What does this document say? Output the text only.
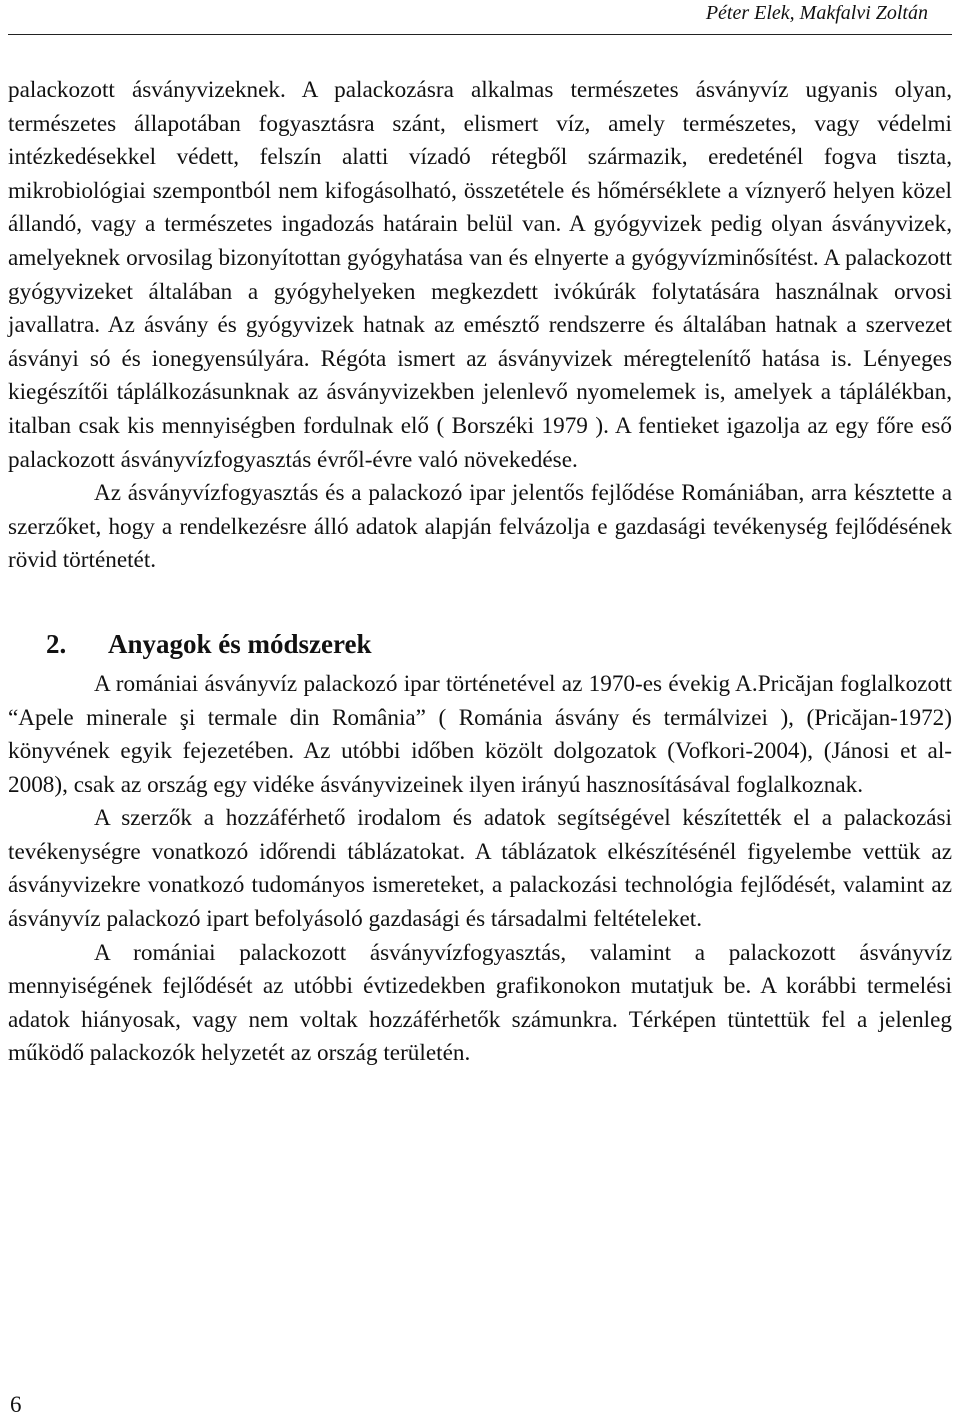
Péter Elek, Makfalvi Zoltán

palackozott ásványvizeknek. A palackozásra alkalmas természetes ásványvíz ugyanis olyan, természetes állapotában fogyasztásra szánt, elismert víz, amely természetes, vagy védelmi intézkedésekkel védett, felszín alatti vízadó rétegből származik, eredeténél fogva tiszta, mikrobiológiai szempontból nem kifogásolható, összetétele és hőmérséklete a víznyerő helyen közel állandó, vagy a természetes ingadozás határain belül van. A gyógyvizek pedig olyan ásványvizek, amelyeknek orvosilag bizonyítottan gyógyhatása van és elnyerte a gyógyvízminősítést. A palackozott gyógyvizeket általában a gyógyhelyeken megkezdett ivókúrák folytatására használnak orvosi javallatra. Az ásvány és gyógyvizek hatnak az emésztő rendszerre és általában hatnak a szervezet ásványi só és ionegyensúlyára. Régóta ismert az ásványvizek méregtelenítő hatása is. Lényeges kiegészítői táplálkozásunknak az ásványvizekben jelenlevő nyomelemek is, amelyek a táplálékban, italban csak kis mennyiségben fordulnak elő ( Borszéki 1979 ). A fentieket igazolja az egy főre eső palackozott ásványvízfogyasztás évről-évre való növekedése.

Az ásványvízfogyasztás és a palackozó ipar jelentős fejlődése Romániában, arra késztette a szerzőket, hogy a rendelkezésre álló adatok alapján felvázolja e gazdasági tevékenység fejlődésének rövid történetét.

2. Anyagok és módszerek

A romániai ásványvíz palackozó ipar történetével az 1970-es évekig A.Pricăjan foglalkozott “Apele minerale şi termale din România” ( Románia ásvány és termálvizei ), (Pricăjan-1972) könyvének egyik fejezetében. Az utóbbi időben közölt dolgozatok (Vofkori-2004), (Jánosi et al-2008), csak az ország egy vidéke ásványvizeinek ilyen irányú hasznosításával foglalkoznak.

A szerzők a hozzáférhető irodalom és adatok segítségével készítették el a palackozási tevékenységre vonatkozó időrendi táblázatokat. A táblázatok elkészítésénél figyelembe vettük az ásványvizekre vonatkozó tudományos ismereteket, a palackozási technológia fejlődését, valamint az ásványvíz palackozó ipart befolyásoló gazdasági és társadalmi feltételeket.

A romániai palackozott ásványvízfogyasztás, valamint a palackozott ásványvíz mennyiségének fejlődését az utóbbi évtizedekben grafikonokon mutatjuk be. A korábbi termelési adatok hiányosak, vagy nem voltak hozzáférhetők számunkra. Térképen tüntettük fel a jelenleg működő palackozók helyzetét az ország területén.

6
